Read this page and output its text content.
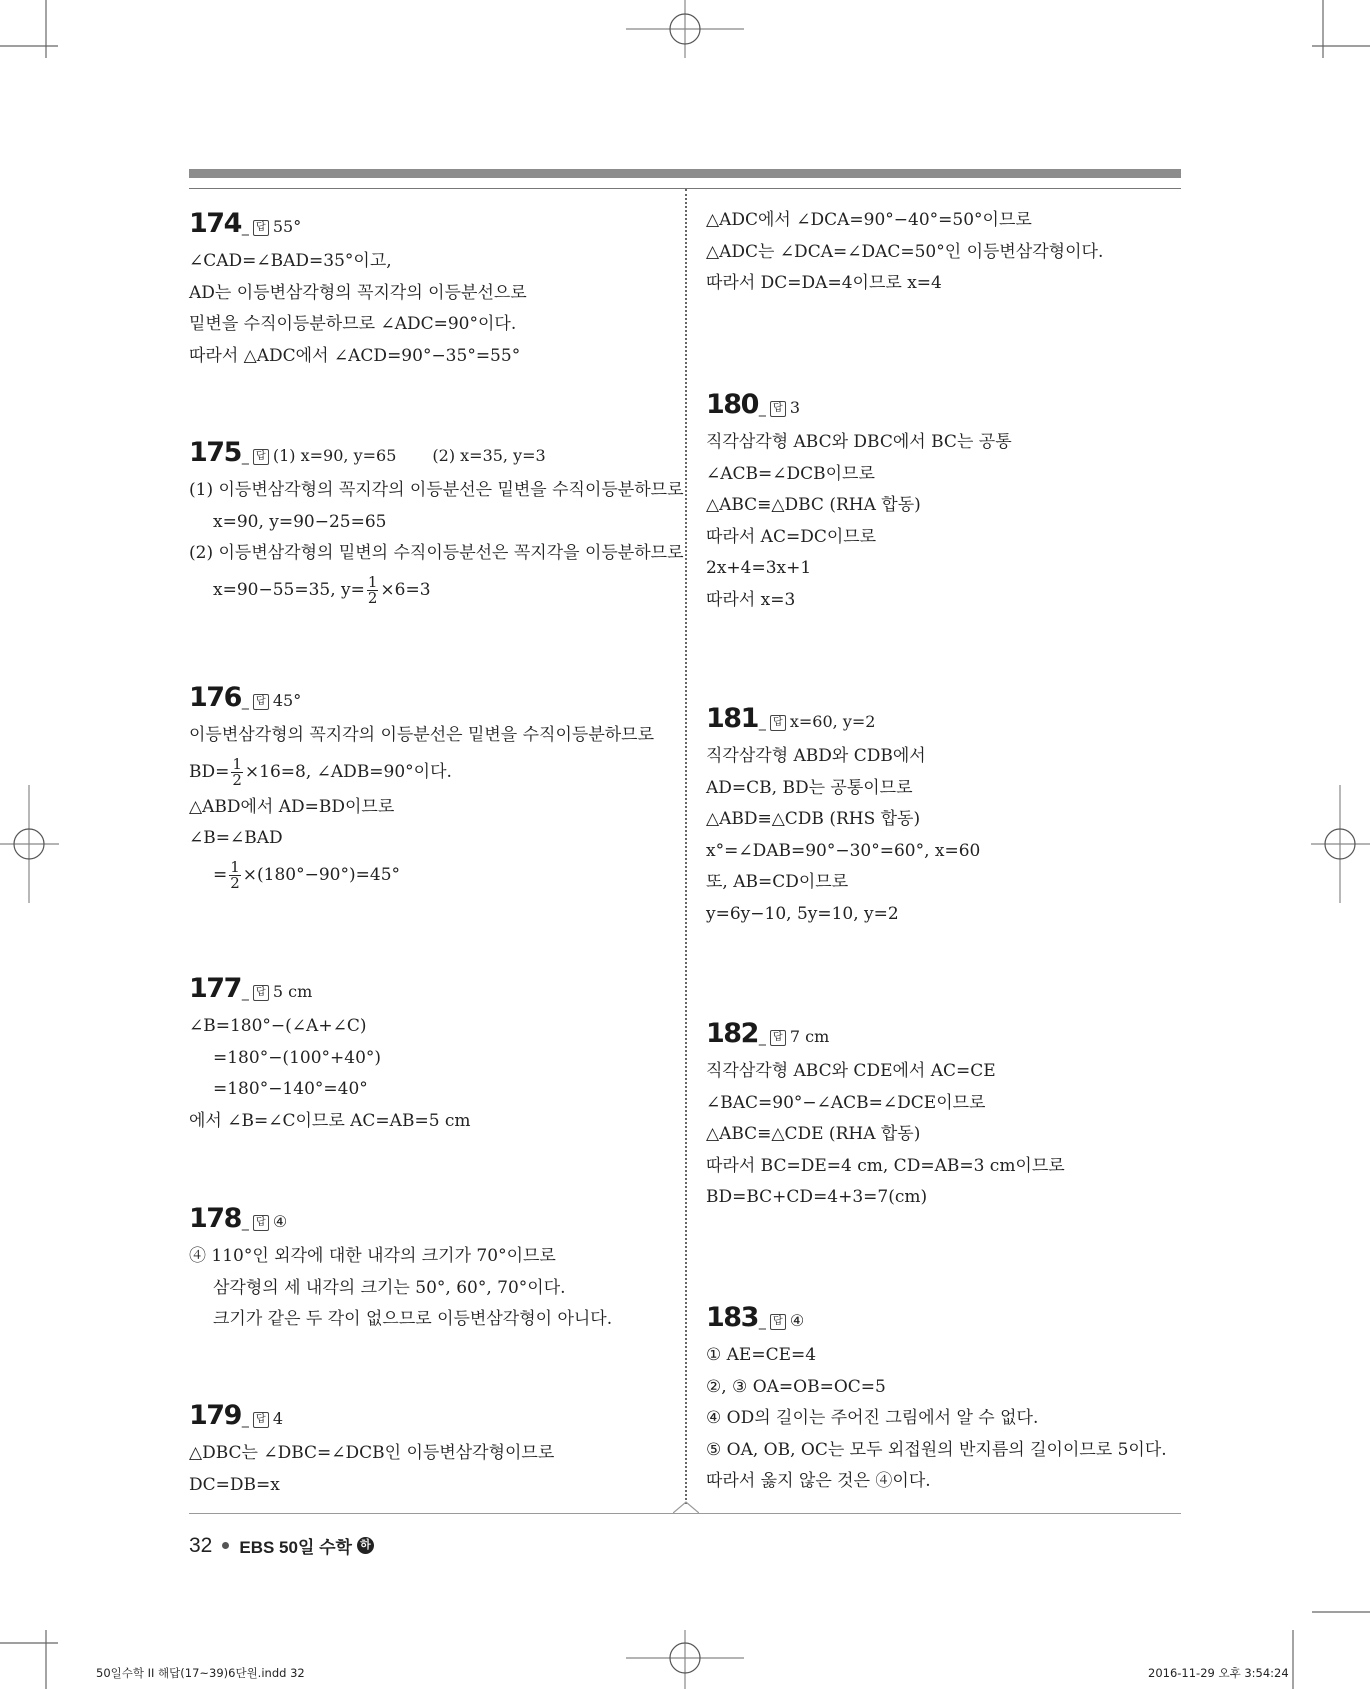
174 _ 답 55°
∠CAD=∠BAD=35°이고,
AD는 이등변삼각형의 꼭지각의 이등분선으로
밑변을 수직이등분하므로 ∠ADC=90°이다.
따라서 △ADC에서 ∠ACD=90°−35°=55°
175 _ 답 (1) x=90, y=65 (2) x=35, y=3
(1) 이등변삼각형의 꼭지각의 이등분선은 밑변을 수직이등분하므로
x=90, y=90−25=65
(2) 이등변삼각형의 밑변의 수직이등분선은 꼭지각을 이등분하므로
x=90−55=35, $y= \frac{1}{2} \times 6=3$
176 _ 답 45°
이등변삼각형의 꼭지각의 이등분선은 밑변을 수직이등분하므로
$BD= \frac{1}{2} \times 16=8$, ∠ADB=90°이다.
△ABD에서 AD=BD이므로
∠B=∠BAD
= $\frac{1}{2} \times(180^\circ-90^\circ)=45^\circ$
177 _ 답 5 cm
∠B=180°−(∠A+∠C)
=180°−(100°+40°)
=180°−140°=40°
에서 ∠B=∠C이므로 AC=AB=5 cm
178 _ 답 ④
④ 110°인 외각에 대한 내각의 크기가 70°이므로
삼각형의 세 내각의 크기는 50°, 60°, 70°이다.
크기가 같은 두 각이 없으므로 이등변삼각형이 아니다.
179 _ 답 4
△DBC는 ∠DBC=∠DCB인 이등변삼각형이므로
DC=DB=x
△ADC에서 ∠DCA=90°−40°=50°이므로
△ADC는 ∠DCA=∠DAC=50°인 이등변삼각형이다.
따라서 DC=DA=4이므로 x=4
180 _ 답 3
직각삼각형 ABC와 DBC에서 BC는 공통
∠ACB=∠DCB이므로
△ABC≡△DBC (RHA 합동)
따라서 AC=DC이므로
2x+4=3x+1
따라서 x=3
181 _ 답 x=60, y=2
직각삼각형 ABD와 CDB에서
AD=CB, BD는 공통이므로
△ABD≡△CDB (RHS 합동)
x°=∠DAB=90°−30°=60°, x=60
또, AB=CD이므로
y=6y−10, 5y=10, y=2
182 _ 답 7 cm
직각삼각형 ABC와 CDE에서 AC=CE
∠BAC=90°−∠ACB=∠DCE이므로
△ABC≡△CDE (RHA 합동)
따라서 BC=DE=4 cm, CD=AB=3 cm이므로
BD=BC+CD=4+3=7(cm)
183 _ 답 ④
① AE=CE=4
②, ③ OA=OB=OC=5
④ OD의 길이는 주어진 그림에서 알 수 없다.
⑤ OA, OB, OC는 모두 외접원의 반지름의 길이이므로 5이다.
따라서 옳지 않은 것은 ④이다.
32 EBS 50일 수학 하
50일수학 II 해답(17~39)6단원.indd 32	2016-11-29 오후 3:54:24
